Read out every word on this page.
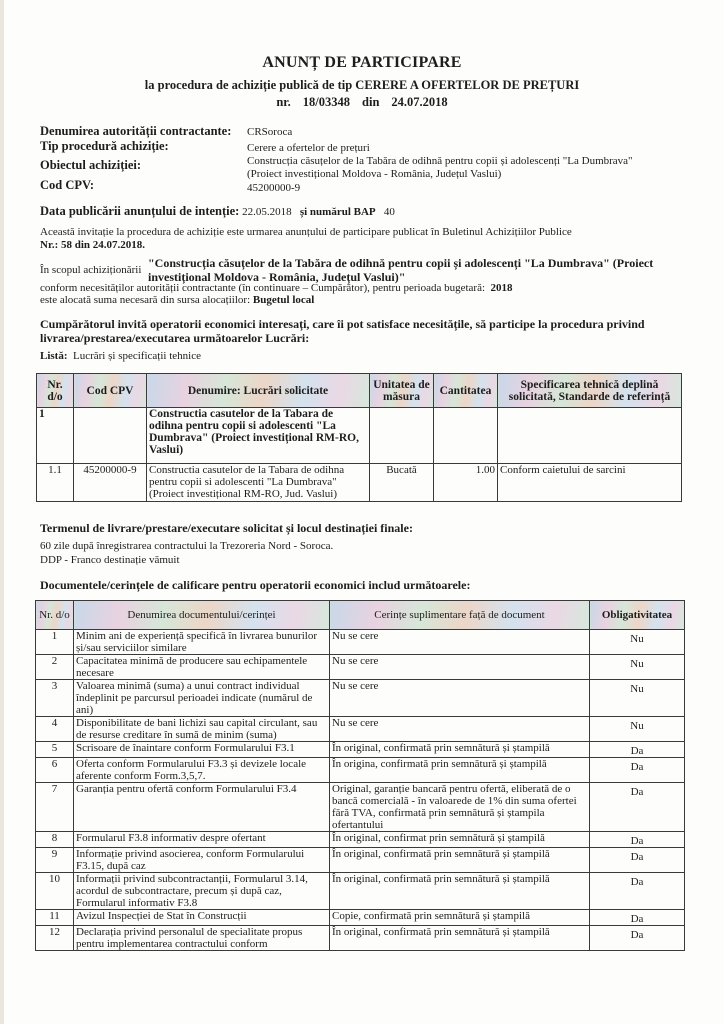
ANUNȚ DE PARTICIPARE
la procedura de achiziție publică de tip CERERE A OFERTELOR DE PREȚURI
nr. 18/03348 din 24.07.2018
Denumirea autorității contractante: CRSoroca
Tip procedură achiziție:	Cerere a ofertelor de prețuri
Obiectul achiziției:	Construcția căsuțelor de la Tabăra de odihnă pentru copii și adolescenți "La Dumbrava"
(Proiect investițional Moldova - România, Județul Vaslui)
Cod CPV:	45200000-9
Data publicării anunțului de intenție: 22.05.2018 și numărul BAP 40
Această invitație la procedura de achiziție este urmarea anunțului de participare publicat în Buletinul Achizițiilor Publice
Nr.: 58 din 24.07.2018.
În scopul achiziționării "Construcția căsuțelor de la Tabăra de odihnă pentru copii și adolescenți "La Dumbrava" (Proiect investițional Moldova - România, Județul Vaslui)"
conform necesităților autorității contractante (în continuare – Cumpărător), pentru perioada bugetară: 2018
este alocată suma necesară din sursa alocațiilor: Bugetul local
Cumpărătorul invită operatorii economici interesați, care îi pot satisface necesitățile, să participe la procedura privind
livrarea/prestarea/executarea următoarelor Lucrări:
Listă: Lucrări și specificații tehnice
Nr. d/o	Cod CPV	Denumire: Lucrări solicitate	Unitatea de măsura	Cantitatea	Specificarea tehnică deplină solicitată, Standarde de referință
1		Constructia casutelor de la Tabara de odihna pentru copii si adolescenti "La Dumbrava" (Proiect investițional RM-RO, Vaslui)			
1.1	45200000-9	Constructia casutelor de la Tabara de odihna pentru copii si adolescenti "La Dumbrava" (Proiect investițional RM-RO, Jud. Vaslui)	Bucată	1.00	Conform caietului de sarcini
Termenul de livrare/prestare/executare solicitat și locul destinației finale:
60 zile după înregistrarea contractului la Trezoreria Nord - Soroca.
DDP - Franco destinație vămuit
Documentele/cerințele de calificare pentru operatorii economici includ următoarele:
Nr. d/o	Denumirea documentului/cerinței	Cerințe suplimentare față de document	Obligativitatea
1	Minim ani de experiență specifică în livrarea bunurilor și/sau serviciilor similare	Nu se cere	Nu
2	Capacitatea minimă de producere sau echipamentele necesare	Nu se cere	Nu
3	Valoarea minimă (suma) a unui contract individual îndeplinit pe parcursul perioadei indicate (numărul de ani)	Nu se cere	Nu
4	Disponibilitate de bani lichizi sau capital circulant, sau de resurse creditare în sumă de minim (suma)	Nu se cere	Nu
5	Scrisoare de înaintare conform Formularului F3.1	În original, confirmată prin semnătură și ștampilă	Da
6	Oferta conform Formularului F3.3 și devizele locale aferente conform Form.3,5,7.	În origina, confirmată prin semnătură și ștampilă	Da
7	Garanția pentru ofertă conform Formularului F3.4	Original, garanție bancară pentru ofertă, eliberată de o bancă comercială - în valoarede de 1% din suma ofertei fără TVA, confirmată prin semnătură și ștampila ofertantului	Da
8	Formularul F3.8 informativ despre ofertant	În original, confirmat prin semnătură și ștampilă	Da
9	Informație privind asocierea, conform Formularului F3.15, după caz	În original, confirmată prin semnătură și ștampilă	Da
10	Informații privind subcontractanții, Formularul 3.14, acordul de subcontractare, precum și după caz, Formularul informativ F3.8	În original, confirmată prin semnătură și ștampilă	Da
11	Avizul Inspecției de Stat în Construcții	Copie, confirmată prin semnătură și ștampilă	Da
12	Declarația privind personalul de specialitate propus pentru implementarea contractului conform	În original, confirmată prin semnătură și ștampilă	Da
